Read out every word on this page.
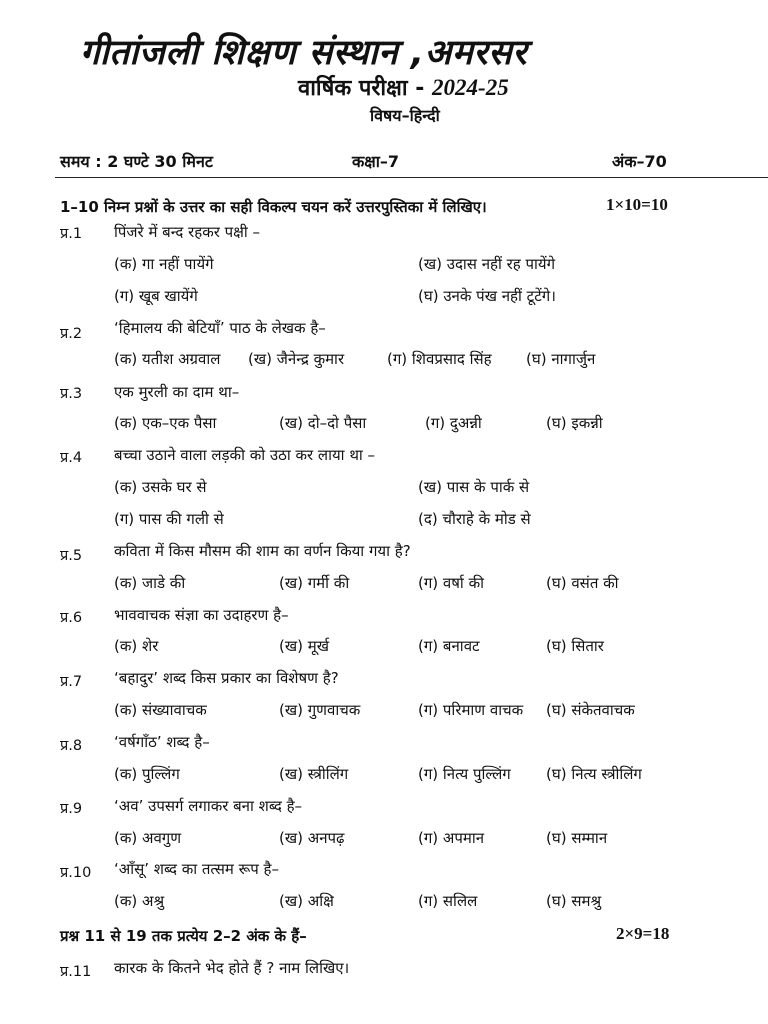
गीतांजली शिक्षण संस्थान ,अमरसर
वार्षिक परीक्षा - 2024-25
विषय–हिन्दी
समय : 2 घण्टे 30 मिनट	कक्षा–7	अंक–70
1–10 निम्न प्रश्नों के उत्तर का सही विकल्प चयन करें उत्तरपुस्तिका में लिखिए।	1×10=10
प्र.1 पिंजरे में बन्द रहकर पक्षी –
(क) गा नहीं पायेंगे	(ख) उदास नहीं रह पायेंगे
(ग) खूब खायेंगे	(घ) उनके पंख नहीं टूटेंगे।
प्र.2 ‘हिमालय की बेटियाँ’ पाठ के लेखक है–
(क) यतीश अग्रवाल (ख) जैनेन्द्र कुमार	(ग) शिवप्रसाद सिंह (घ) नागार्जुन
प्र.3 एक मुरली का दाम था–
(क) एक–एक पैसा	(ख) दो–दो पैसा	(ग) दुअन्नी	(घ) इकन्नी
प्र.4 बच्चा उठाने वाला लड़की को उठा कर लाया था –
(क) उसके घर से	(ख) पास के पार्क से
(ग) पास की गली से	(द) चौराहे के मोड से
प्र.5 कविता में किस मौसम की शाम का वर्णन किया गया है?
(क) जाडे की	(ख) गर्मी की	(ग) वर्षा की	(घ) वसंत की
प्र.6 भाववाचक संज्ञा का उदाहरण है–
(क) शेर	(ख) मूर्ख	(ग) बनावट	(घ) सितार
प्र.7 ‘बहादुर’ शब्द किस प्रकार का विशेषण है?
(क) संख्यावाचक	(ख) गुणवाचक	(ग) परिमाण वाचक (घ) संकेतवाचक
प्र.8 ‘वर्षगाँठ’ शब्द है–
(क) पुल्लिंग	(ख) स्त्रीलिंग	(ग) नित्य पुल्लिंग (घ) नित्य स्त्रीलिंग
प्र.9 ‘अव’ उपसर्ग लगाकर बना शब्द है–
(क) अवगुण	(ख) अनपढ़	(ग) अपमान	(घ) सम्मान
प्र.10 ‘आँसू’ शब्द का तत्सम रूप है–
(क) अश्रु	(ख) अक्षि	(ग) सलिल	(घ) समश्रु
प्रश्न 11 से 19 तक प्रत्येय 2–2 अंक के हैं–	2×9=18
प्र.11 कारक के कितने भेद होते हैं ? नाम लिखिए।
